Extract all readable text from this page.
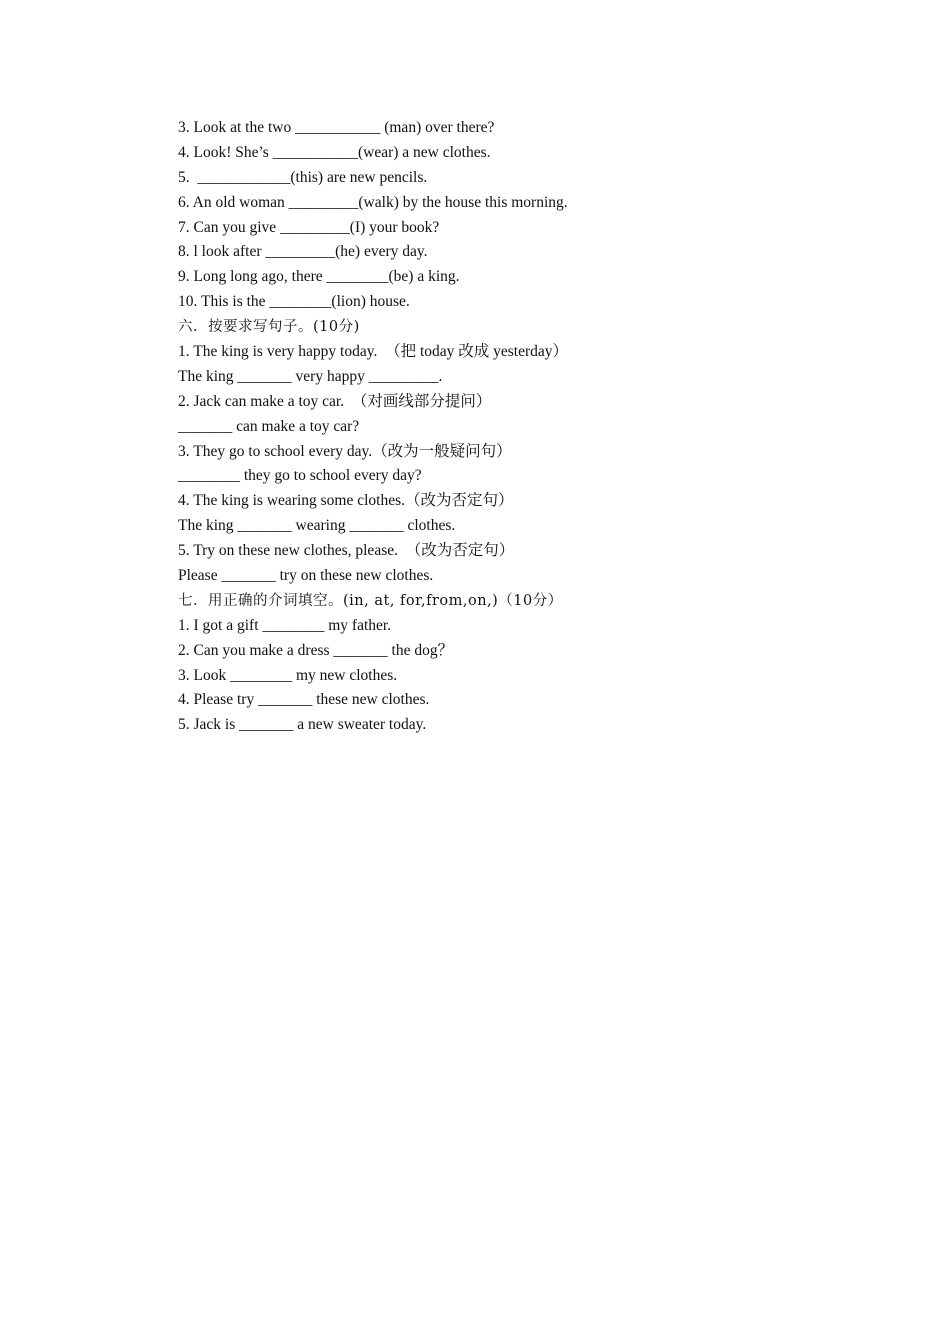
3. Look at the two ___________ (man) over there?
4. Look! She’s ___________(wear) a new clothes.
5.  ____________(this) are new pencils.
6. An old woman _________(walk) by the house this morning.
7. Can you give _________(I) your book?
8. l look after _________(he) every day.
9. Long long ago, there ________(be) a king.
10. This is the ________(lion) house.
六．按要求写句子。(10分)
1. The king is very happy today.  （把 today 改成 yesterday）
The king _______ very happy _________.
2. Jack can make a toy car.  （对画线部分提问）
_______ can make a toy car?
3. They go to school every day.（改为一般疑问句）
________ they go to school every day?
4. The king is wearing some clothes.（改为否定句）
The king _______ wearing _______ clothes.
5. Try on these new clothes, please.  （改为否定句）
Please _______ try on these new clothes.
七．用正确的介词填空。(in, at, for,from,on,)（10分）
1. I got a gift ________ my father.
2. Can you make a dress _______ the dog？
3. Look ________ my new clothes.
4. Please try _______ these new clothes.
5. Jack is _______ a new sweater today.
